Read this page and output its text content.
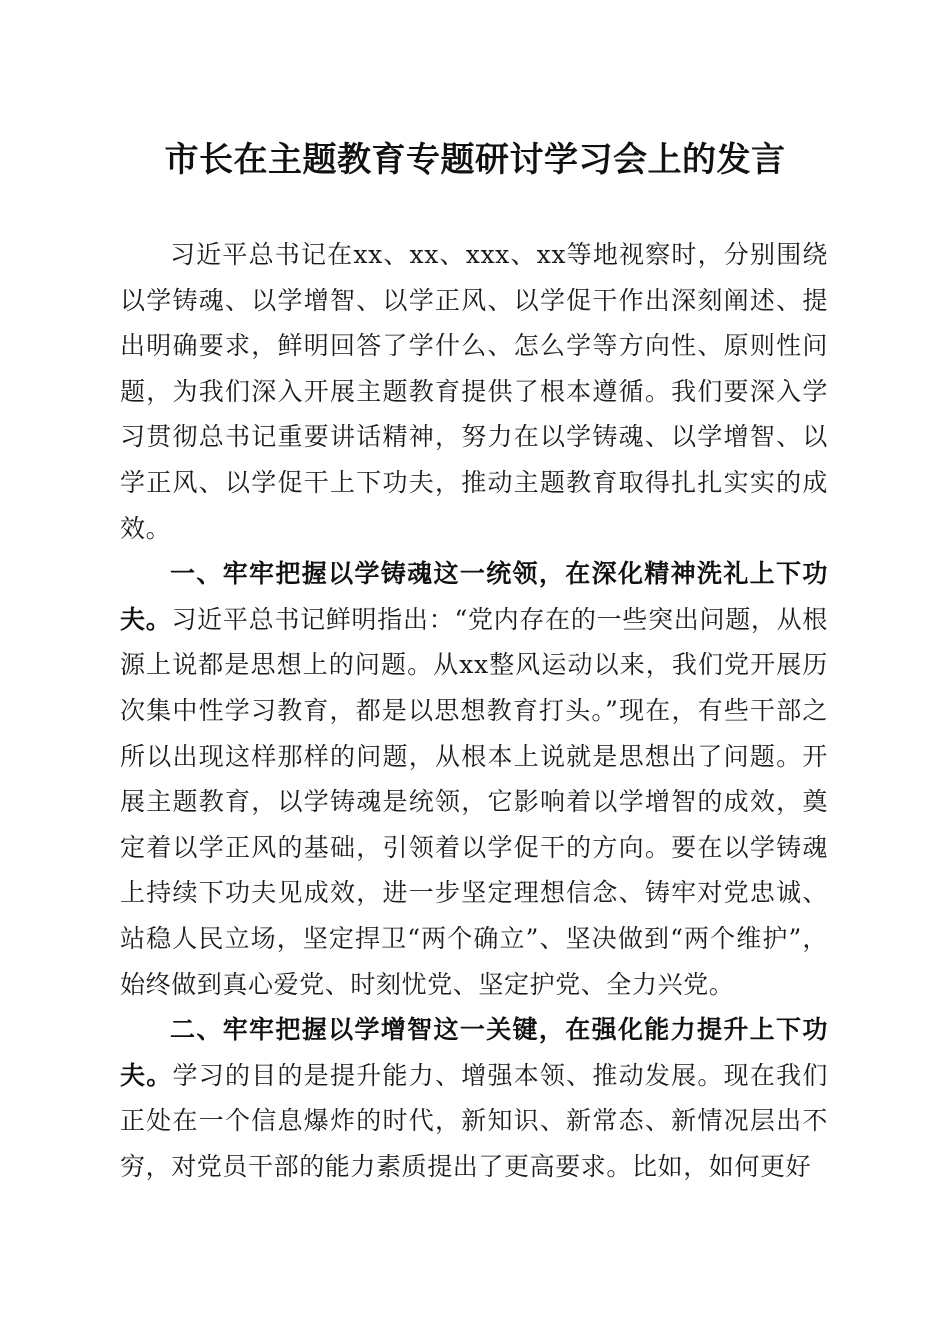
市长在主题教育专题研讨学习会上的发言

习近平总书记在xx、xx、xxx、xx等地视察时，分别围绕以学铸魂、以学增智、以学正风、以学促干作出深刻阐述、提出明确要求，鲜明回答了学什么、怎么学等方向性、原则性问题，为我们深入开展主题教育提供了根本遵循。我们要深入学习贯彻总书记重要讲话精神，努力在以学铸魂、以学增智、以学正风、以学促干上下功夫，推动主题教育取得扎扎实实的成效。

一、牢牢把握以学铸魂这一统领，在深化精神洗礼上下功夫。习近平总书记鲜明指出：“党内存在的一些突出问题，从根源上说都是思想上的问题。从xx整风运动以来，我们党开展历次集中性学习教育，都是以思想教育打头。”现在，有些干部之所以出现这样那样的问题，从根本上说就是思想出了问题。开展主题教育，以学铸魂是统领，它影响着以学增智的成效，奠定着以学正风的基础，引领着以学促干的方向。要在以学铸魂上持续下功夫见成效，进一步坚定理想信念、铸牢对党忠诚、站稳人民立场，坚定捍卫“两个确立”、坚决做到“两个维护”，始终做到真心爱党、时刻忧党、坚定护党、全力兴党。

二、牢牢把握以学增智这一关键，在强化能力提升上下功夫。学习的目的是提升能力、增强本领、推动发展。现在我们正处在一个信息爆炸的时代，新知识、新常态、新情况层出不穷，对党员干部的能力素质提出了更高要求。比如，如何更好
